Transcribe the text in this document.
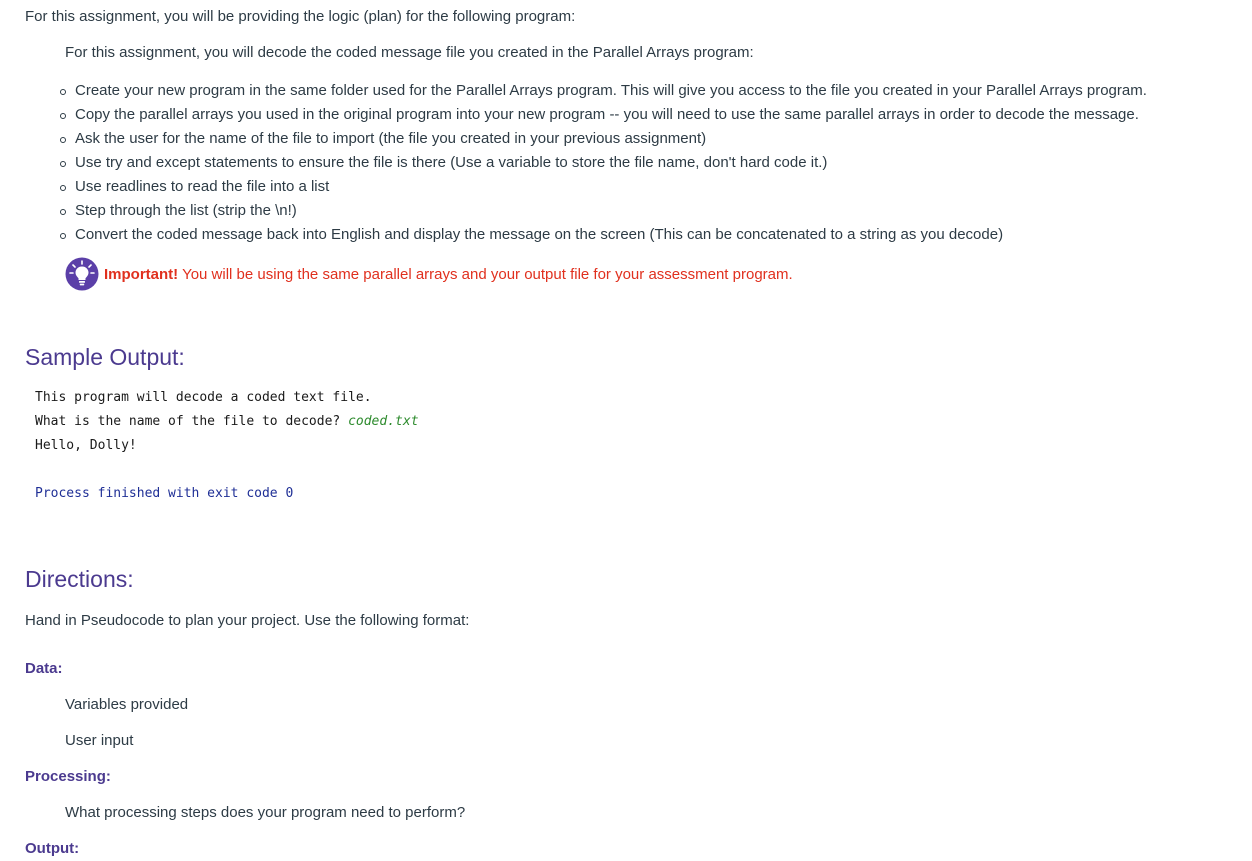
For this assignment, you will be providing the logic (plan) for the following program:

For this assignment, you will decode the coded message file you created in the Parallel Arrays program:

Create your new program in the same folder used for the Parallel Arrays program. This will give you access to the file you created in your Parallel Arrays program.
Copy the parallel arrays you used in the original program into your new program -- you will need to use the same parallel arrays in order to decode the message.
Ask the user for the name of the file to import (the file you created in your previous assignment)
Use try and except statements to ensure the file is there (Use a variable to store the file name, don't hard code it.)
Use readlines to read the file into a list
Step through the list (strip the \n!)
Convert the coded message back into English and display the message on the screen (This can be concatenated to a string as you decode)
Important! You will be using the same parallel arrays and your output file for your assessment program.
Sample Output:
This program will decode a coded text file.
What is the name of the file to decode? coded.txt
Hello, Dolly!
Process finished with exit code 0
Directions:

Hand in Pseudocode to plan your project. Use the following format:

Data:

Variables provided

User input

Processing:

What processing steps does your program need to perform?

Output:
